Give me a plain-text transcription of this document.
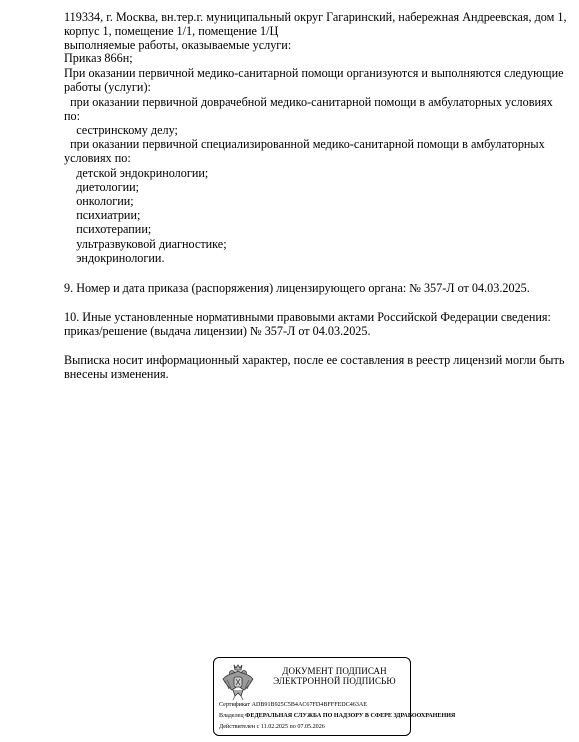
119334, г. Москва, вн.тер.г. муниципальный округ Гагаринский, набережная Андреевская, дом 1,
корпус 1, помещение 1/1, помещение 1/Ц
выполняемые работы, оказываемые услуги:
Приказ 866н;
При оказании первичной медико-санитарной помощи организуются и выполняются следующие
работы (услуги):
при оказании первичной доврачебной медико-санитарной помощи в амбулаторных условиях
по:
сестринскому делу;
при оказании первичной специализированной медико-санитарной помощи в амбулаторных
условиях по:
детской эндокринологии;
диетологии;
онкологии;
психиатрии;
психотерапии;
ультразвуковой диагностике;
эндокринологии.
9. Номер и дата приказа (распоряжения) лицензирующего органа: № 357-Л от 04.03.2025.
10. Иные установленные нормативными правовыми актами Российской Федерации сведения:
приказ/решение (выдача лицензии) № 357-Л от 04.03.2025.
Выписка носит информационный характер, после ее составления в реестр лицензий могли быть
внесены изменения.
ДОКУМЕНТ ПОДПИСАН
ЭЛЕКТРОННОЙ ПОДПИСЬЮ
Сертификат ADB91B925C5B4AC67FD4BFFFEDC463AE
Владелец ФЕДЕРАЛЬНАЯ СЛУЖБА ПО НАДЗОРУ В СФЕРЕ ЗДРАВООХРАНЕНИЯ
Действителен с 11.02.2025 по 07.05.2026
